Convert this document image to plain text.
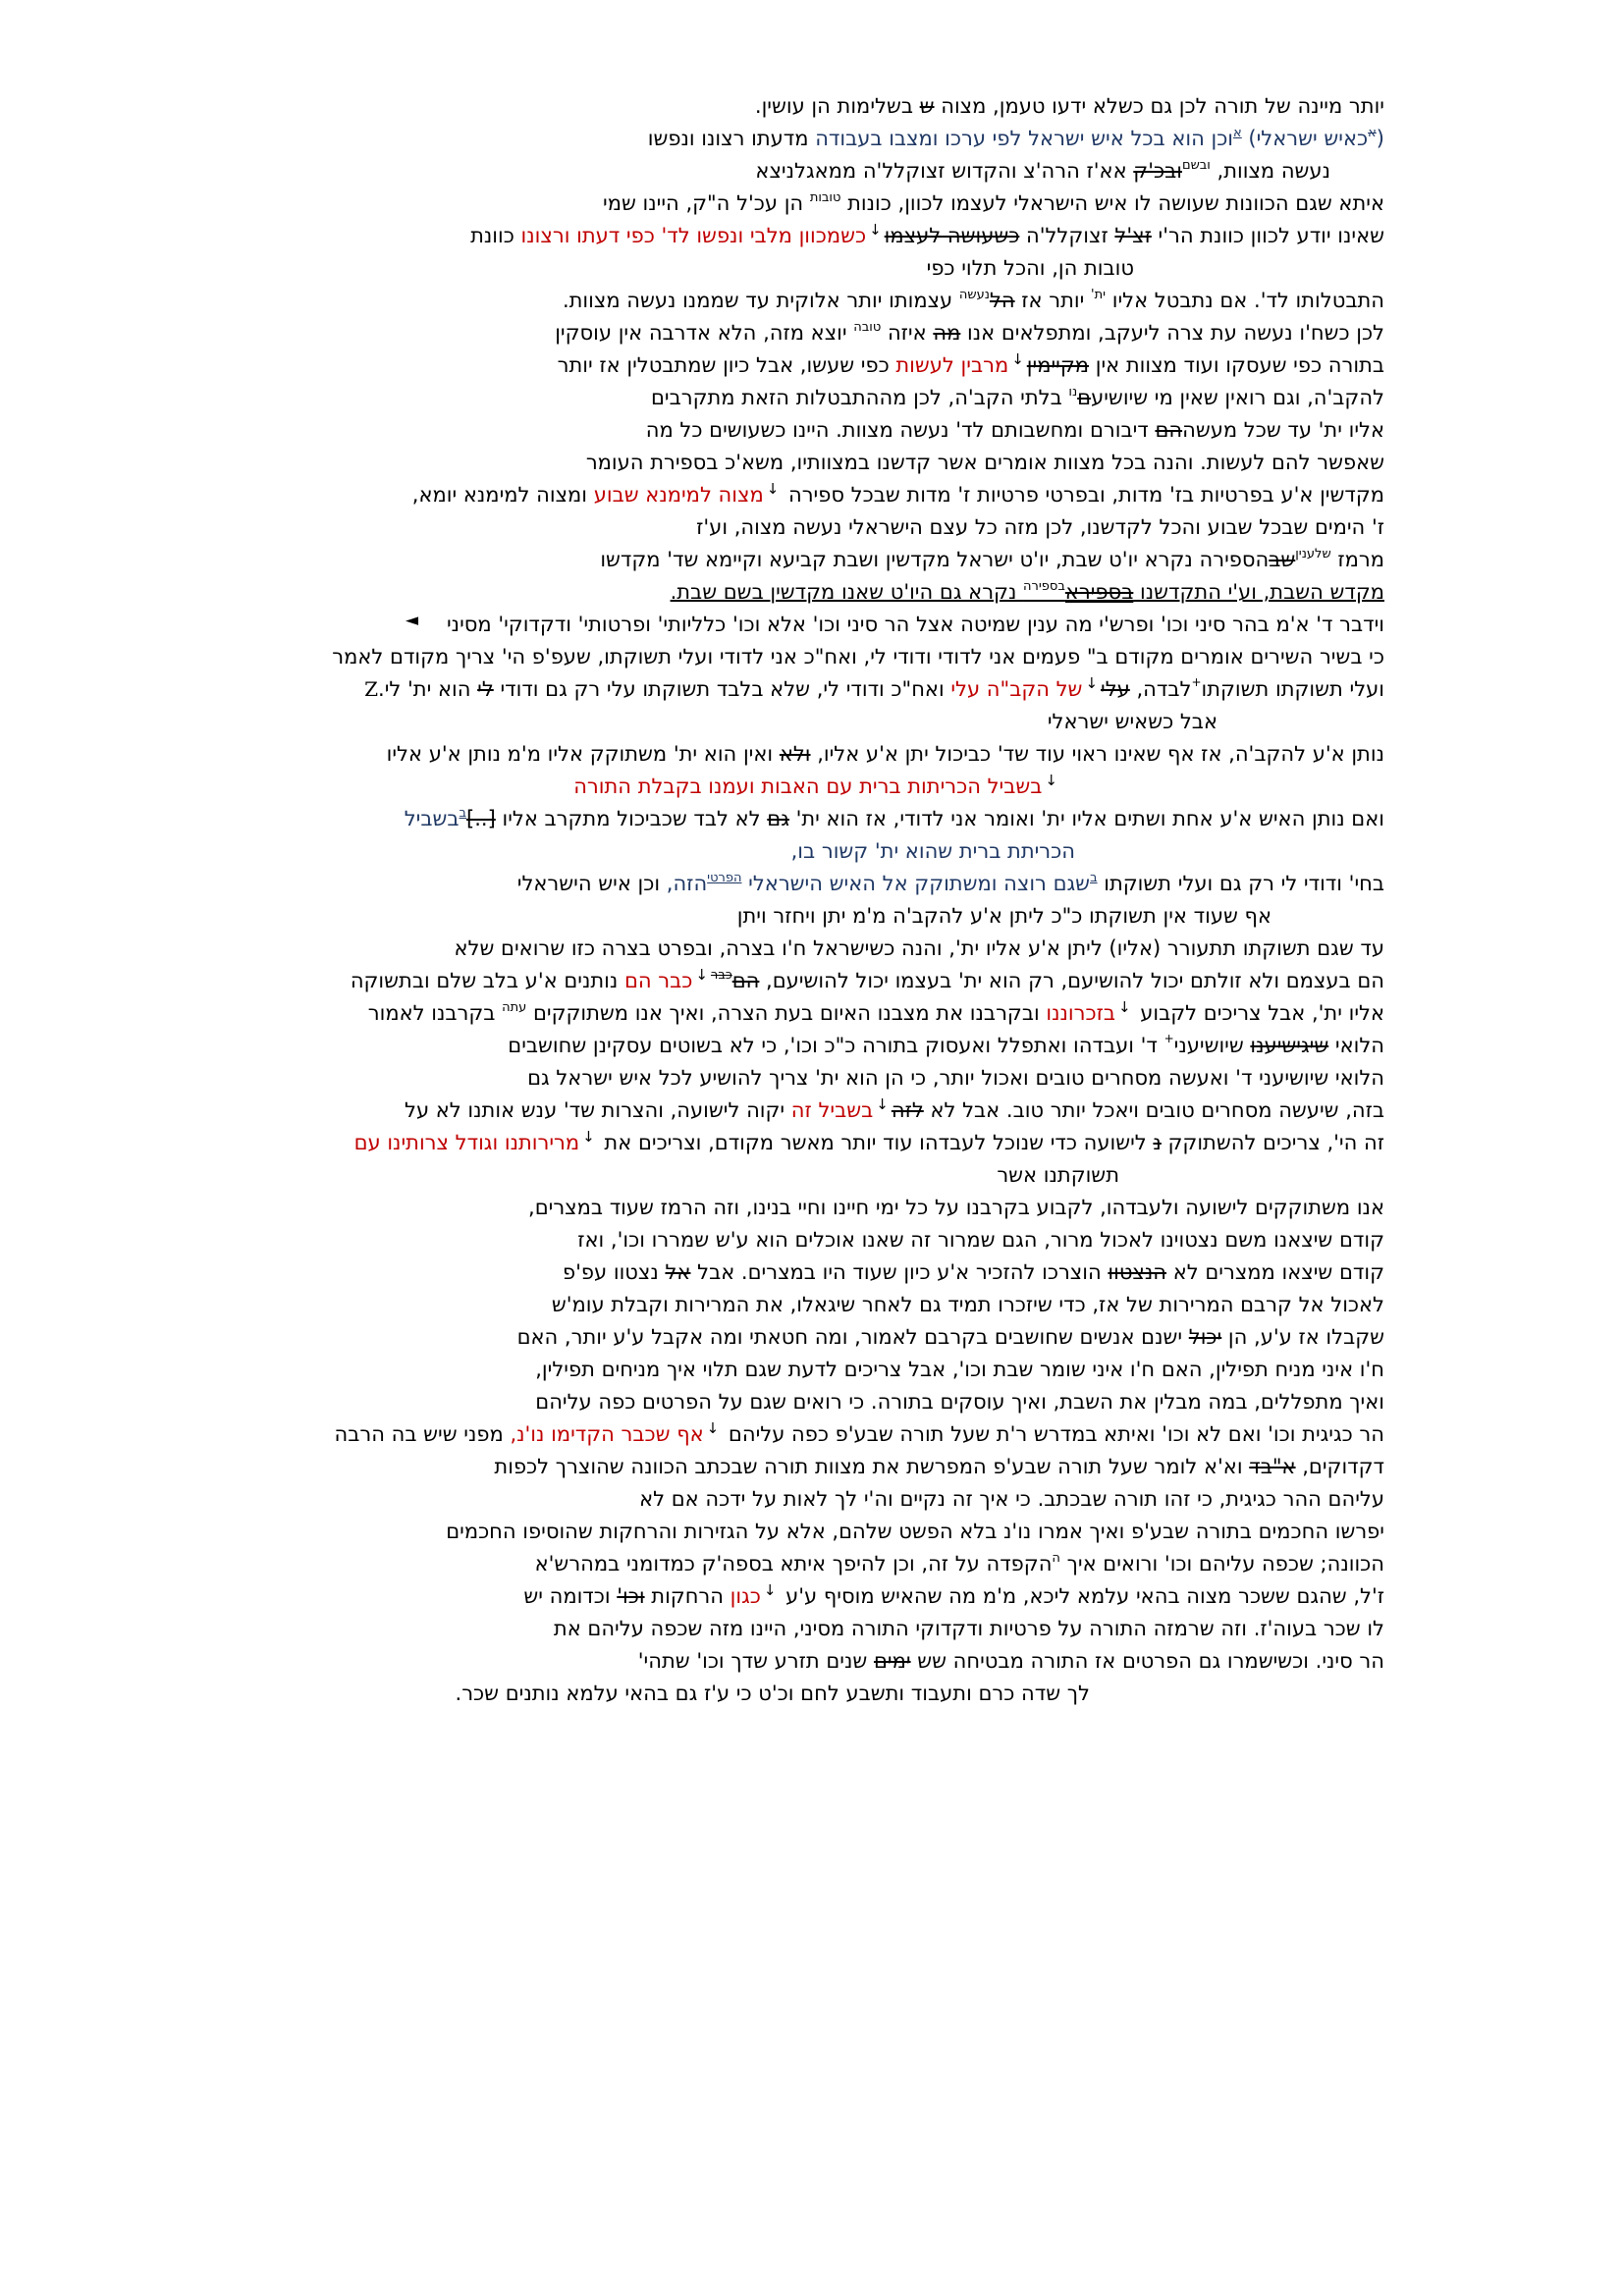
יותר מיינה של תורה לכן גם כשלא ידעו טעמן, מצוה ש בשלימות הן עושין.
($^א$כאיש ישראלי) $^א$וכן הוא בכל איש ישראל לפי ערכו ומצבו בעבודה מדעתו רצונו ונפשו
נעשה מצוות, $^{ובשם}$ובכ'ק אא'ז הרה'צ והקדוש זצוקלל'ה ממאגלניצא
איתא שגם הכוונות שעושה לו איש הישראלי לעצמו לכוון, כונות $^{טובות}$ הן עכ'ל ה"ק, היינו שמי
שאינו יודע לכוון כוונת הר'י זצ'ל זצוקלל'ה כשעושה לעצמו↓כשמכוון מלבי ונפשו לד' כפי דעתו ורצונו כוונת
טובות הן, והכל תלוי כפי
התבטלותו לד'. אם נתבטל אליו $^{ית'}$ יותר אז הל$^{נעשה}$ עצמותו יותר אלוקית עד שממנו נעשה מצוות.
לכן כשח'ו נעשה עת צרה ליעקב, ומתפלאים אנו מה איזה $^{טובה}$ יוצא מזה, הלא אדרבה אין עוסקין
בתורה כפי שעסקו ועוד מצוות אין מקיימין↓מרבין לעשות כפי שעשו, אבל כיון שמתבטלין אז יותר
להקב'ה, וגם רואין שאין מי שיושיעם$^{נו}$ בלתי הקב'ה, לכן מההתבטלות הזאת מתקרבים
אליו ית' עד שכל מעשההם דיבורם ומחשבותם לד' נעשה מצוות. היינו כשעושים כל מה
שאפשר להם לעשות. והנה בכל מצוות אומרים אשר קדשנו במצוותיו, משא'כ בספירת העומר
מקדשין א'ע בפרטיות בז' מדות, ובפרטי פרטיות ז' מדות שבכל ספירה ↓מצוה למימנא שבוע ומצוה למימנא יומא,
ז' הימים שבכל שבוע והכל לקדשנו, לכן מזה כל עצם הישראלי נעשה מצוה, וע'ז
מרמז $^{שלענין}$שבהספירה נקרא יו'ט שבת, יו'ט ישראל מקדשין ושבת קביעא וקיימא שד' מקדשו
מקדש השבת, וע'י התקדשנו בספירא$^{בספירה}$ נקרא גם היו'ט שאנו מקדשין בשם שבת.
◄ וידבר ד' א'מ בהר סיני וכו' ופרש'י מה ענין שמיטה אצל הר סיני וכו' אלא וכו' כלליותי' ופרטותי' ודקדוקי' מסיני
כי בשיר השירים אומרים מקודם ב" פעמים אני לדודי ודודי לי, ואח"כ אני לדודי ועלי תשוקתו, שעפ'פ הי' צריך מקודם לאמר
ועלי תשוקתו תשוקתו+לבדה, עלי↓של הקב"ה עלי ואח"כ ודודי לי, שלא בלבד תשוקתו עלי רק גם ודודי לי הוא ית' לי.Z
אבל כשאיש ישראלי
נותן א'ע להקב'ה, אז אף שאינו ראוי עוד שד' כביכול יתן א'ע אליו, ולא ואין הוא ית' משתוקק אליו מ'מ נותן א'ע אליו
↓בשביל הכריתות ברית עם האבות ועמנו בקבלת התורה
ואם נותן האיש א'ע אחת ושתים אליו ית' ואומר אני לדודי, אז הוא ית' גם לא לבד שכביכול מתקרב אליו [..]$^ב$בשביל
הכריתת ברית שהוא ית' קשור בו,
בחי' ודודי לי רק גם ועלי תשוקתו $^ב$שגם רוצה ומשתוקק אל האיש הישראלי $^{הפרטי}$הזה, וכן איש הישראלי
אף שעוד אין תשוקתו כ"כ ליתן א'ע להקב'ה מ'מ יתן ויחזר ויתן
עד שגם תשוקתו תתעורר (אליו) ליתן א'ע אליו ית', והנה כשישראל ח'ו בצרה, ובפרט בצרה כזו שרואים שלא
הם בעצמם ולא זולתם יכול להושיעם, רק הוא ית' בעצמו יכול להושיעם, הם$^{כבר↓}$כבר הם נותנים א'ע בלב שלם ובתשוקה
אליו ית', אבל צריכים לקבוע ↓בזכרוננו ובקרבנו את מצבנו האיום בעת הצרה, ואיך אנו משתוקקים $^{עתה}$ בקרבנו לאמור
הלואי שיגישיענו שיושיעני+ ד' ועבדהו ואתפלל ואעסוק בתורה כ"כ וכו', כי לא בשוטים עסקינן שחושבים
הלואי שיושיעני ד' ואעשה מסחרים טובים ואכול יותר, כי הן הוא ית' צריך להושיע לכל איש ישראל גם
בזה, שיעשה מסחרים טובים ויאכל יותר טוב. אבל לא לזה↓בשביל זה יקוה לישועה, והצרות שד' ענש אותנו לא על
זה הי', צריכים להשתוקק נ לישועה כדי שנוכל לעבדהו עוד יותר מאשר מקודם, וצריכים את ↓מרירותנו וגודל צרותינו עם
תשוקתנו אשר
אנו משתוקקים לישועה ולעבדהו, לקבוע בקרבנו על כל ימי חיינו וחיי בנינו, וזה הרמז שעוד במצרים,
קודם שיצאנו משם נצטוינו לאכול מרור, הגם שמרור זה שאנו אוכלים הוא ע'ש שמררו וכו', ואז
קודם שיצאו ממצרים לא הנצטוו הוצרכו להזכיר א'ע כיון שעוד היו במצרים. אבל אל נצטוו עפ'פ
לאכול אל קרבם המרירות של אז, כדי שיזכרו תמיד גם לאחר שיגאלו, את המרירות וקבלת עומ'ש
שקבלו אז ע'ע, הן יכול ישנם אנשים שחושבים בקרבם לאמור, ומה חטאתי ומה אקבל ע'ע יותר, האם
ח'ו איני מניח תפילין, האם ח'ו איני שומר שבת וכו', אבל צריכים לדעת שגם תלוי איך מניחים תפילין,
ואיך מתפללים, במה מבלין את השבת, ואיך עוסקים בתורה. כי רואים שגם על הפרטים כפה עליהם
הר כגיגית וכו' ואם לא וכו' ואיתא במדרש ר'ת שעל תורה שבע'פ כפה עליהם ↓אף שכבר הקדימו נו'נ, מפני שיש בה הרבה
דקדוקים, א"בד וא'א לומר שעל תורה שבע'פ המפרשת את מצוות תורה שבכתב הכוונה שהוצרך לכפות
עליהם ההר כגיגית, כי זהו תורה שבכתב. כי איך זה נקיים וה'י לך לאות על ידכה אם לא
יפרשו החכמים בתורה שבע'פ ואיך אמרו נו'נ בלא הפשט שלהם, אלא על הגזירות והרחקות שהוסיפו החכמים
הכוונה; שכפה עליהם וכו' ורואים איך $^ה$הקפדה על זה, וכן להיפך איתא בספה'ק כמדומני במהרש'א
ז'ל, שהגם ששכר מצוה בהאי עלמא ליכא, מ'מ מה שהאיש מוסיף ע'ע ↓כגון הרחקות וכו' וכדומה יש
לו שכר בעוה'ז. וזה שרמזה התורה על פרטיות ודקדוקי התורה מסיני, היינו מזה שכפה עליהם את
הר סיני. וכשישמרו גם הפרטים אז התורה מבטיחה שש ימים שנים תזרע שדך וכו' שתהי'
לך שדה כרם ותעבוד ותשבע לחם וכ'ט כי ע'ז גם בהאי עלמא נותנים שכר.
